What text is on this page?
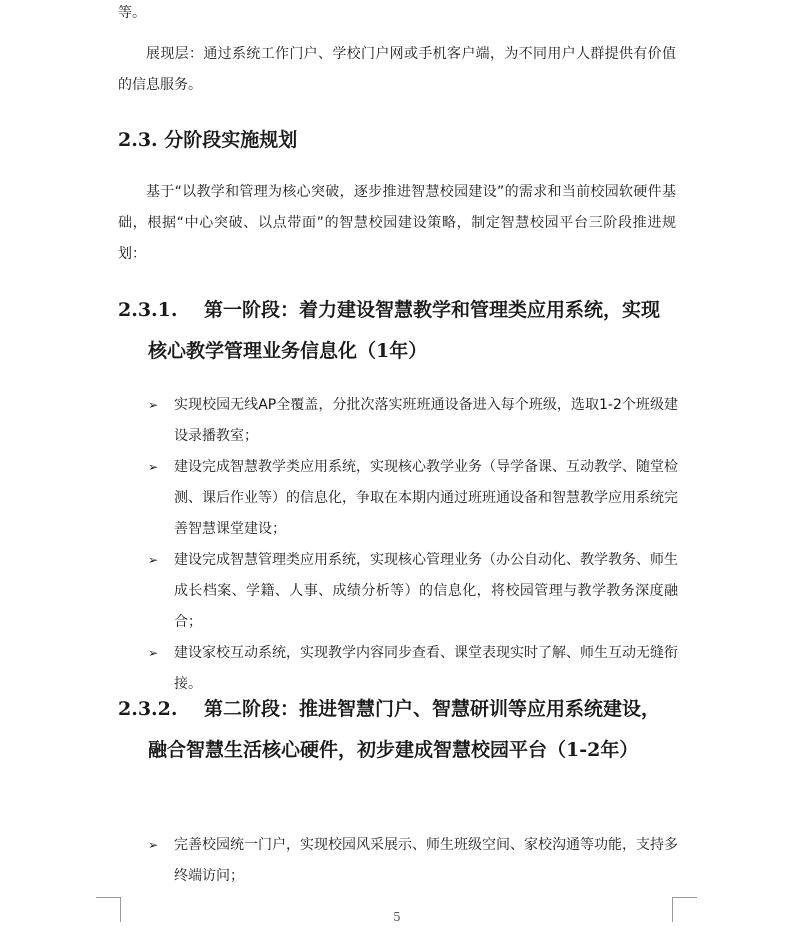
等。

展现层：通过系统工作门户、学校门户网或手机客户端，为不同用户人群提供有价值的信息服务。

2.3. 分阶段实施规划

基于“以教学和管理为核心突破，逐步推进智慧校园建设”的需求和当前校园软硬件基础，根据“中心突破、以点带面”的智慧校园建设策略，制定智慧校园平台三阶段推进规划：

2.3.1.	第一阶段：着力建设智慧教学和管理类应用系统，实现核心教学管理业务信息化（1年）
➢ 实现校园无线AP全覆盖，分批次落实班班通设备进入每个班级，选取1-2个班级建设录播教室；
➢ 建设完成智慧教学类应用系统，实现核心教学业务（导学备课、互动教学、随堂检测、课后作业等）的信息化，争取在本期内通过班班通设备和智慧教学应用系统完善智慧课堂建设；
➢ 建设完成智慧管理类应用系统，实现核心管理业务（办公自动化、教学教务、师生成长档案、学籍、人事、成绩分析等）的信息化，将校园管理与教学教务深度融合；
➢ 建设家校互动系统，实现教学内容同步查看、课堂表现实时了解、师生互动无缝衔接。
2.3.2.	第二阶段：推进智慧门户、智慧研训等应用系统建设，融合智慧生活核心硬件，初步建成智慧校园平台（1-2年）
➢ 完善校园统一门户，实现校园风采展示、师生班级空间、家校沟通等功能，支持多终端访问；
5
